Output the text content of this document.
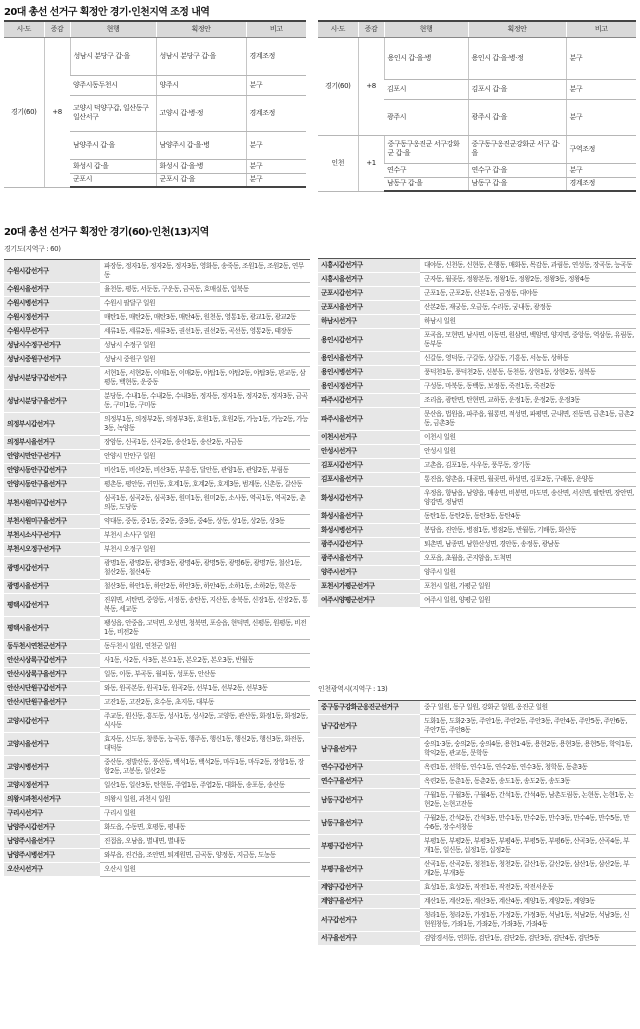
20대 총선 선거구 획정안 경기·인천지역 조정 내역
시·도	증감	현행	획정안	비고
경기(60)	+8	성남시 분당구 갑·을	성남시 분당구 갑·을	경계조정
		양주시동두천시	양주시	분구
		고양시 덕양구갑, 일산동구 일산서구	고양시 갑·병·정	경계조정
		남양주시 갑·을	남양주시 갑·을·병	분구
		화성시 갑·을	화성시 갑·을·병	분구
		군포시	군포시 갑·을	분구
시·도	증감	현행	획정안	비고
경기(60)	+8	용인시 갑·을·병	용인시 갑·을·병·정	분구
		김포시	김포시 갑·을	분구
		광주시	광주시 갑·을	분구
인천	+1	중구동구옹진군 서구강화군 갑·을	중구동구옹진군강화군 서구 갑·을	구역조정
		연수구	연수구 갑·을	분구
		남동구 갑·을	남동구 갑·을	경계조정
20대 총선 선거구 획정안 경기(60)·인천(13)지역
경기도(지역구 : 60)
수원시갑선거구	파장동, 정자1동, 정자2동, 정자3동, 영화동, 송죽동, 조원1동, 조원2동, 연무동
수원시을선거구	율천동, 평동, 서둔동, 구운동, 금곡동, 호매실동, 입북동
수원시병선거구	수원시 팔달구 일원
수원시정선거구	매탄1동, 매탄2동, 매탄3동, 매탄4동, 원천동, 영통1동, 광교1동, 광교2동
수원시무선거구	세류1동, 세류2동, 세류3동, 권선1동, 권선2동, 곡선동, 영통2동, 태장동
성남시수정구선거구	성남시 수정구 일원
성남시중원구선거구	성남시 중원구 일원
성남시분당구갑선거구	서현1동, 서현2동, 이매1동, 이매2동, 야탑1동, 야탑2동, 야탑3동, 판교동, 삼평동, 백현동, 운중동
성남시분당구을선거구	분당동, 수내1동, 수내2동, 수내3동, 정자동, 정자1동, 정자2동, 정자3동, 금곡동, 구미1동, 구미동
의정부시갑선거구	의정부1동, 의정부2동, 의정부3동, 호원1동, 호원2동, 가능1동, 가능2동, 가능3동, 녹양동
의정부시을선거구	장암동, 신곡1동, 신곡2동, 송산1동, 송산2동, 자금동
안양시만안구선거구	안양시 만안구 일원
안양시동안구갑선거구	비산1동, 비산2동, 비산3동, 부흥동, 달안동, 관양1동, 관양2동, 부림동
안양시동안구을선거구	평촌동, 평안동, 귀인동, 호계1동, 호계2동, 호계3동, 범계동, 신촌동, 갈산동
부천시원미구갑선거구	심곡1동, 심곡2동, 심곡3동, 원미1동, 원미2동, 소사동, 역곡1동, 역곡2동, 춘의동, 도당동
부천시원미구을선거구	약대동, 중동, 중1동, 중2동, 중3동, 중4동, 상동, 상1동, 상2동, 상3동
부천시소사구선거구	부천시 소사구 일원
부천시오정구선거구	부천시 오정구 일원
광명시갑선거구	광명1동, 광명2동, 광명3동, 광명4동, 광명5동, 광명6동, 광명7동, 철산1동, 철산2동, 철산4동
광명시을선거구	철산3동, 하안1동, 하안2동, 하안3동, 하안4동, 소하1동, 소하2동, 학온동
평택시갑선거구	진위면, 서탄면, 중앙동, 서정동, 송탄동, 지산동, 송북동, 신장1동, 신장2동, 통복동, 세교동
평택시을선거구	팽성읍, 안중읍, 고덕면, 오성면, 청북면, 포승읍, 현덕면, 신평동, 원평동, 비전1동, 비전2동
동두천시연천군선거구	동두천시 일원, 연천군 일원
안산시상록구갑선거구	사1동, 사2동, 사3동, 본오1동, 본오2동, 본오3동, 반월동
안산시상록구을선거구	일동, 이동, 부곡동, 월피동, 성포동, 안산동
안산시단원구갑선거구	와동, 원곡본동, 원곡1동, 원곡2동, 선부1동, 선부2동, 선부3동
안산시단원구을선거구	고잔1동, 고잔2동, 호수동, 초지동, 대부동
고양시갑선거구	주교동, 원신동, 흥도동, 성사1동, 성사2동, 고양동, 관산동, 화정1동, 화정2동, 식사동
고양시을선거구	효자동, 신도동, 창릉동, 능곡동, 행주동, 행신1동, 행신2동, 행신3동, 화전동, 대덕동
고양시병선거구	중산동, 정발산동, 풍산동, 백석1동, 백석2동, 마두1동, 마두2동, 장항1동, 장항2동, 고봉동, 일산2동
고양시정선거구	일산1동, 일산3동, 탄현동, 주엽1동, 주엽2동, 대화동, 송포동, 송산동
의왕시과천시선거구	의왕시 일원, 과천시 일원
구리시선거구	구리시 일원
남양주시갑선거구	화도읍, 수동면, 호평동, 평내동
남양주시을선거구	진접읍, 오남읍, 별내면, 별내동
남양주시병선거구	와부읍, 진건읍, 조안면, 퇴계원면, 금곡동, 양정동, 지금동, 도농동
오산시선거구	오산시 일원
시흥시갑선거구	대야동, 신천동, 신현동, 은행동, 매화동, 목감동, 과림동, 연성동, 장곡동, 능곡동
시흥시을선거구	군자동, 월곶동, 정왕본동, 정왕1동, 정왕2동, 정왕3동, 정왕4동
군포시갑선거구	군포1동, 군포2동, 산본1동, 금정동, 대야동
군포시을선거구	산본2동, 재궁동, 오금동, 수리동, 궁내동, 광정동
하남시선거구	하남시 일원
용인시갑선거구	포곡읍, 모현면, 남사면, 이동면, 원삼면, 백암면, 양지면, 중앙동, 역삼동, 유림동, 동부동
용인시을선거구	신갈동, 영덕동, 구갈동, 상갈동, 기흥동, 서농동, 상하동
용인시병선거구	풍덕천1동, 풍덕천2동, 신봉동, 동천동, 상현1동, 상현2동, 성복동
용인시정선거구	구성동, 마북동, 동백동, 보정동, 죽전1동, 죽전2동
파주시갑선거구	조리읍, 광탄면, 탄현면, 교하동, 운정1동, 운정2동, 운정3동
파주시을선거구	문산읍, 법원읍, 파주읍, 월롱면, 적성면, 파평면, 군내면, 진동면, 금촌1동, 금촌2동, 금촌3동
이천시선거구	이천시 일원
안성시선거구	안성시 일원
김포시갑선거구	고촌읍, 김포1동, 사우동, 풍무동, 장기동
김포시을선거구	통진읍, 양촌읍, 대곶면, 월곶면, 하성면, 김포2동, 구래동, 운양동
화성시갑선거구	우정읍, 향남읍, 남양읍, 매송면, 비봉면, 마도면, 송산면, 서신면, 팔탄면, 장안면, 양감면, 정남면
화성시을선거구	동탄1동, 동탄2동, 동탄3동, 동탄4동
화성시병선거구	봉담읍, 진안동, 병점1동, 병점2동, 반월동, 기배동, 화산동
광주시갑선거구	퇴촌면, 남종면, 남한산성면, 경안동, 송정동, 광남동
광주시을선거구	오포읍, 초월읍, 곤지암읍, 도척면
양주시선거구	양주시 일원
포천시가평군선거구	포천시 일원, 가평군 일원
여주시양평군선거구	여주시 일원, 양평군 일원
인천광역시(지역구 : 13)
중구동구강화군옹진군선거구	중구 일원, 동구 일원, 강화군 일원, 옹진군 일원
남구갑선거구	도화1동, 도화2·3동, 주안1동, 주안2동, 주안3동, 주안4동, 주안5동, 주안6동, 주안7동, 주안8동
남구을선거구	숭의1·3동, 숭의2동, 숭의4동, 용현1·4동, 용현2동, 용현3동, 용현5동, 학익1동, 학익2동, 관교동, 문학동
연수구갑선거구	옥련1동, 선학동, 연수1동, 연수2동, 연수3동, 청학동, 동춘3동
연수구을선거구	옥련2동, 동춘1동, 동춘2동, 송도1동, 송도2동, 송도3동
남동구갑선거구	구월1동, 구월3동, 구월4동, 간석1동, 간석4동, 남촌도림동, 논현동, 논현1동, 논현2동, 논현고잔동
남동구을선거구	구월2동, 간석2동, 간석3동, 만수1동, 만수2동, 만수3동, 만수4동, 만수5동, 만수6동, 장수서창동
부평구갑선거구	부평1동, 부평2동, 부평3동, 부평4동, 부평5동, 부평6동, 산곡3동, 산곡4동, 부개1동, 일신동, 십정1동, 십정2동
부평구을선거구	산곡1동, 산곡2동, 청천1동, 청천2동, 갈산1동, 갈산2동, 삼산1동, 삼산2동, 부개2동, 부개3동
계양구갑선거구	효성1동, 효성2동, 작전1동, 작전2동, 작전서운동
계양구을선거구	계산1동, 계산2동, 계산3동, 계산4동, 계양1동, 계양2동, 계양3동
서구갑선거구	청라1동, 청라2동, 가정1동, 가정2동, 가정3동, 석남1동, 석남2동, 석남3동, 신현원창동, 가좌1동, 가좌2동, 가좌3동, 가좌4동
서구을선거구	검암경서동, 연희동, 검단1동, 검단2동, 검단3동, 검단4동, 검단5동
